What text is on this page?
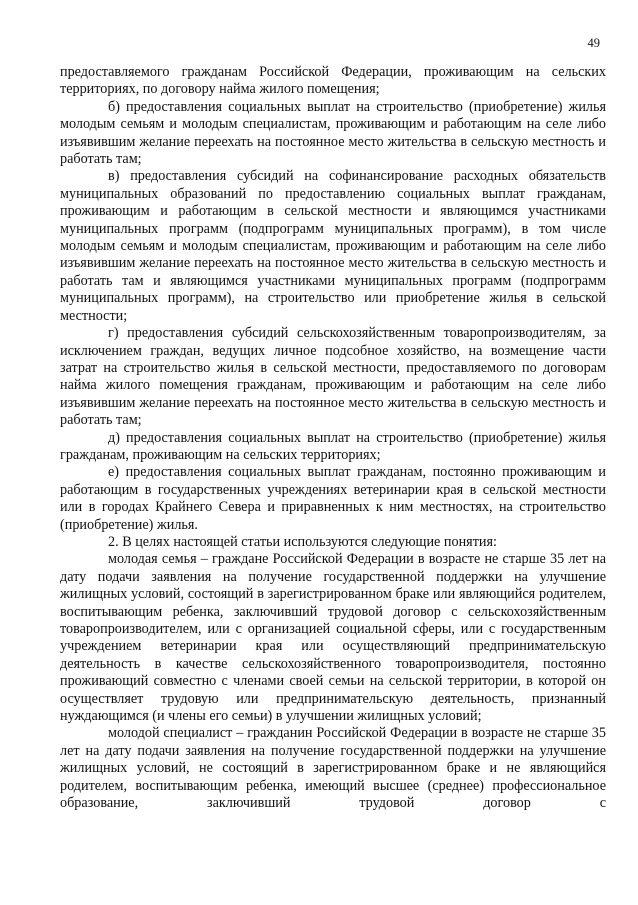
49

предоставляемого гражданам Российской Федерации, проживающим на сельских территориях, по договору найма жилого помещения;

б) предоставления социальных выплат на строительство (приобретение) жилья молодым семьям и молодым специалистам, проживающим и работающим на селе либо изъявившим желание переехать на постоянное место жительства в сельскую местность и работать там;

в) предоставления субсидий на софинансирование расходных обязательств муниципальных образований по предоставлению социальных выплат гражданам, проживающим и работающим в сельской местности и являющимся участниками муниципальных программ (подпрограмм муниципальных программ), в том числе молодым семьям и молодым специалистам, проживающим и работающим на селе либо изъявившим желание переехать на постоянное место жительства в сельскую местность и работать там и являющимся участниками муниципальных программ (подпрограмм муниципальных программ), на строительство или приобретение жилья в сельской местности;

г) предоставления субсидий сельскохозяйственным товаропроизводителям, за исключением граждан, ведущих личное подсобное хозяйство, на возмещение части затрат на строительство жилья в сельской местности, предоставляемого по договорам найма жилого помещения гражданам, проживающим и работающим на селе либо изъявившим желание переехать на постоянное место жительства в сельскую местность и работать там;

д) предоставления социальных выплат на строительство (приобретение) жилья гражданам, проживающим на сельских территориях;

е) предоставления социальных выплат гражданам, постоянно проживающим и работающим в государственных учреждениях ветеринарии края в сельской местности или в городах Крайнего Севера и приравненных к ним местностях, на строительство (приобретение) жилья.

2. В целях настоящей статьи используются следующие понятия:

молодая семья – граждане Российской Федерации в возрасте не старше 35 лет на дату подачи заявления на получение государственной поддержки на улучшение жилищных условий, состоящий в зарегистрированном браке или являющийся родителем, воспитывающим ребенка, заключивший трудовой договор с сельскохозяйственным товаропроизводителем, или с организацией социальной сферы, или с государственным учреждением ветеринарии края или осуществляющий предпринимательскую деятельность в качестве сельскохозяйственного товаропроизводителя, постоянно проживающий совместно с членами своей семьи на сельской территории, в которой он осуществляет трудовую или предпринимательскую деятельность, признанный нуждающимся (и члены его семьи) в улучшении жилищных условий;

молодой специалист – гражданин Российской Федерации в возрасте не старше 35 лет на дату подачи заявления на получение государственной поддержки на улучшение жилищных условий, не состоящий в зарегистрированном браке и не являющийся родителем, воспитывающим ребенка, имеющий высшее (среднее) профессиональное образование, заключивший трудовой договор с
